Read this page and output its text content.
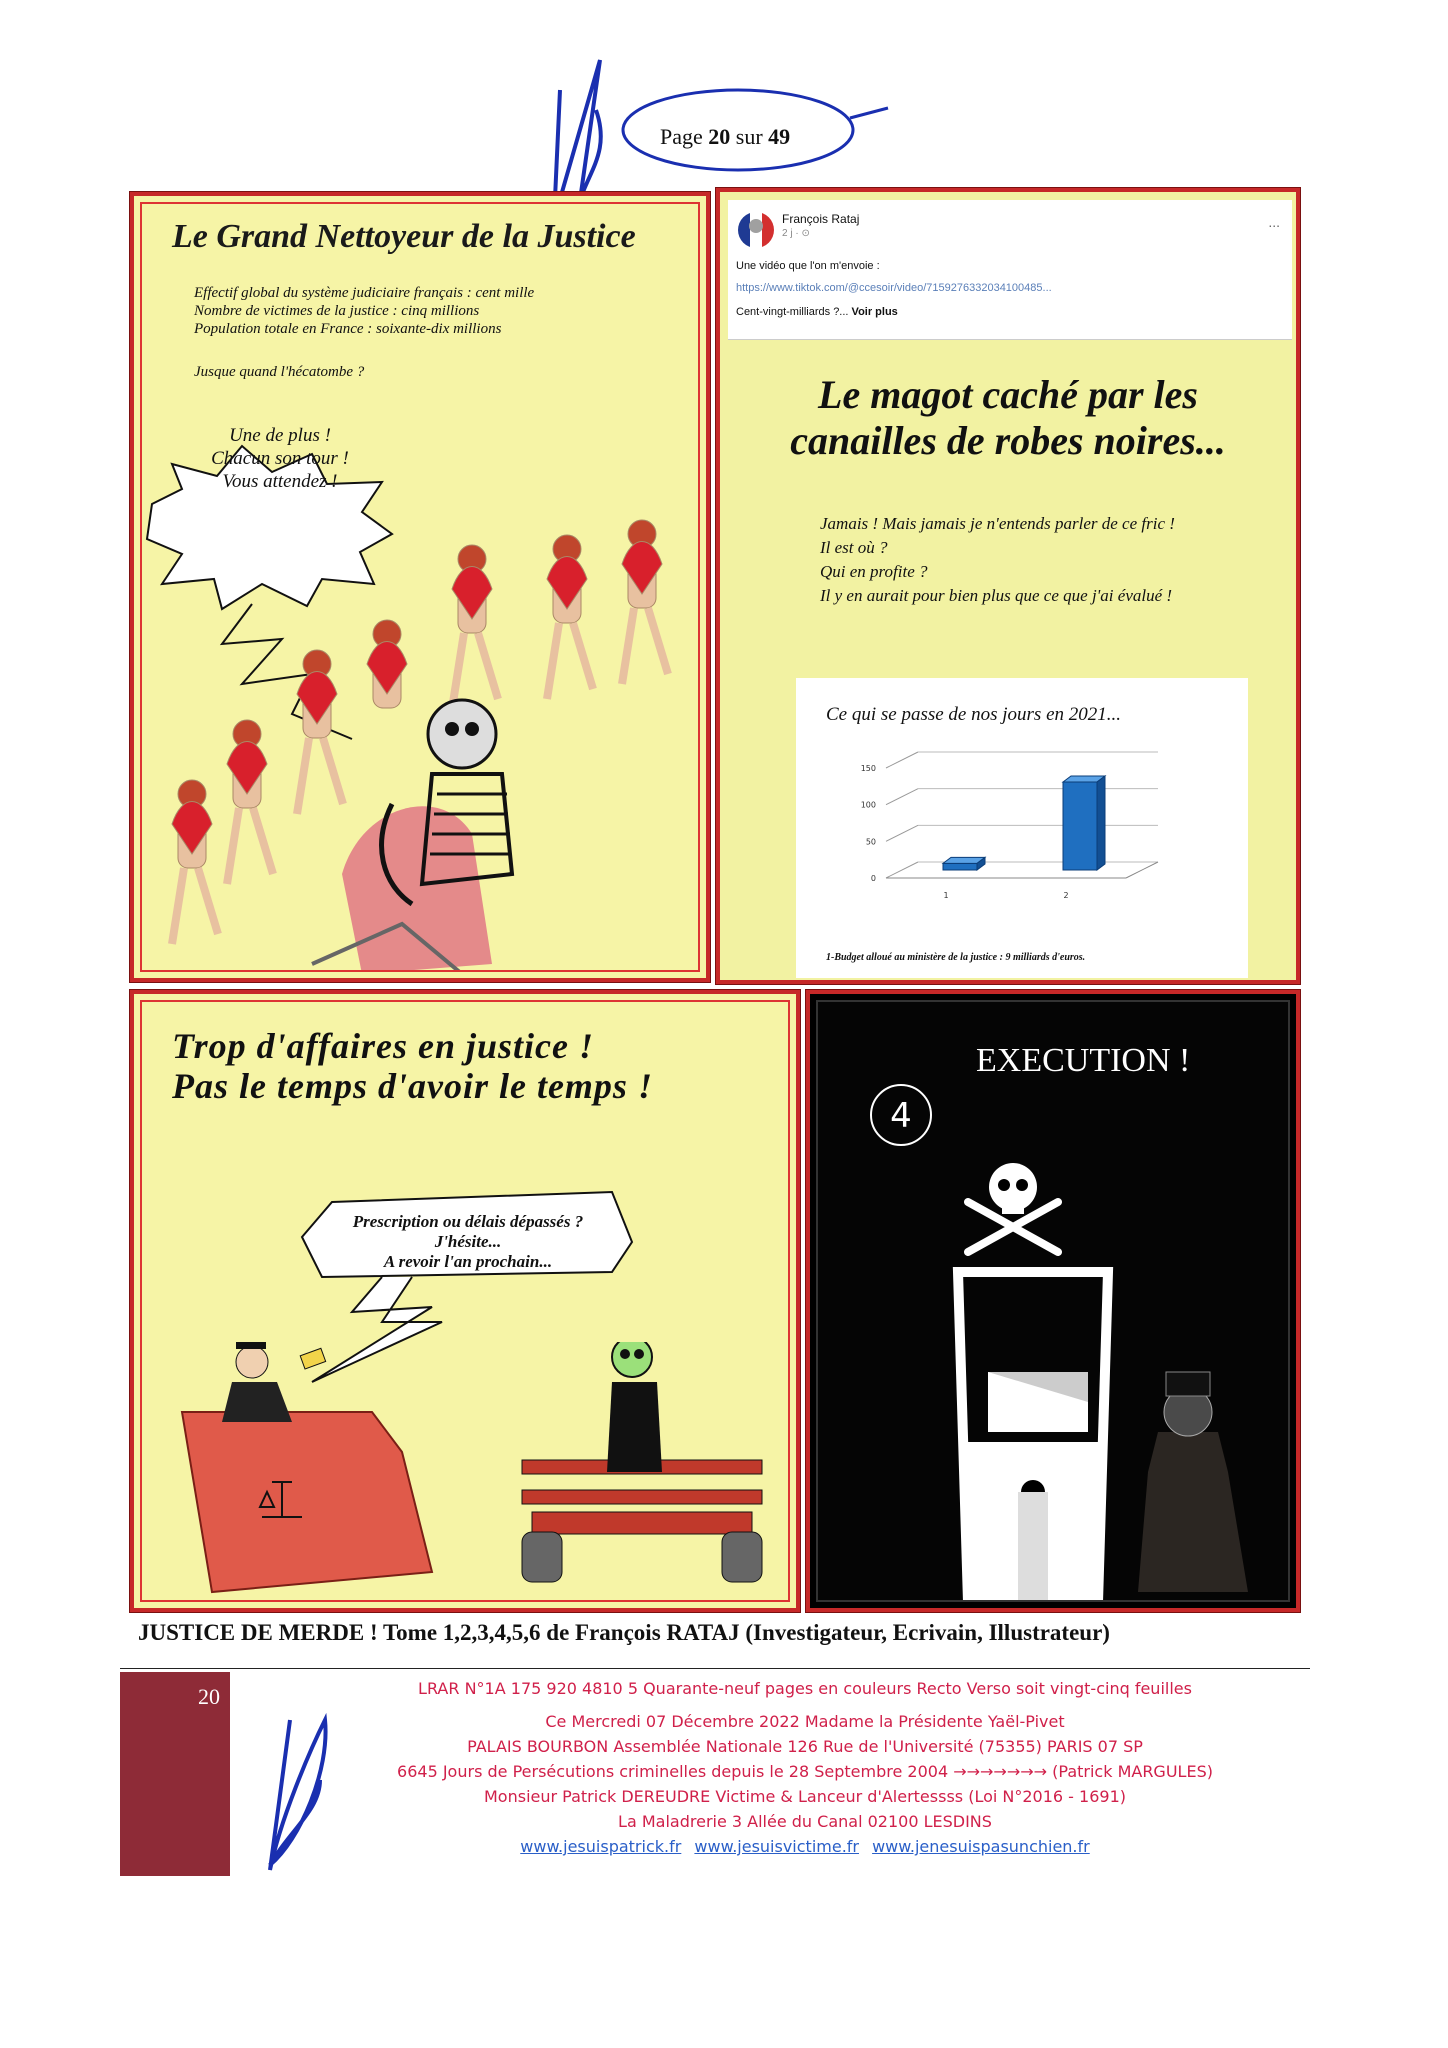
Page 20 sur 49
Le Grand Nettoyeur de la Justice
Effectif global du système judiciaire français : cent mille
Nombre de victimes de la justice : cinq millions
Population totale en France : soixante-dix millions
Jusque quand l'hécatombe ?
Une de plus !
Chacun son tour !
Vous attendez !
François Rataj
2 j · ⊙
...
Une vidéo que l'on m'envoie :
https://www.tiktok.com/@ccesoir/video/7159276332034100485...
Cent-vingt-milliards ?... Voir plus
Le magot caché par les
canailles de robes noires...
Jamais ! Mais jamais je n'entends parler de ce fric !
Il est où ?
Qui en profite ?
Il y en aurait pour bien plus que ce que j'ai évalué !
Ce qui se passe de nos jours en 2021...
0
50
100
150
1	2
1-Budget alloué au ministère de la justice : 9 milliards d'euros.
Trop d'affaires en justice !
Pas le temps d'avoir le temps !
Prescription ou délais dépassés ?
J'hésite...
A revoir l'an prochain...
EXECUTION !
4
JUSTICE DE MERDE ! Tome 1,2,3,4,5,6 de François RATAJ (Investigateur, Ecrivain, Illustrateur)
20	LRAR N°1A 175 920 4810 5 Quarante-neuf pages en couleurs Recto Verso soit vingt-cinq feuilles
Ce Mercredi 07 Décembre 2022 Madame la Présidente Yaël-Pivet
PALAIS BOURBON Assemblée Nationale 126 Rue de l'Université (75355) PARIS 07 SP
6645 Jours de Persécutions criminelles depuis le 28 Septembre 2004 →→→→→→→ (Patrick MARGULES)
Monsieur Patrick DEREUDRE Victime & Lanceur d'Alertessss (Loi N°2016 - 1691)
La Maladrerie 3 Allée du Canal 02100 LESDINS
www.jesuispatrick.fr www.jesuisvictime.fr www.jenesuispasunchien.fr
